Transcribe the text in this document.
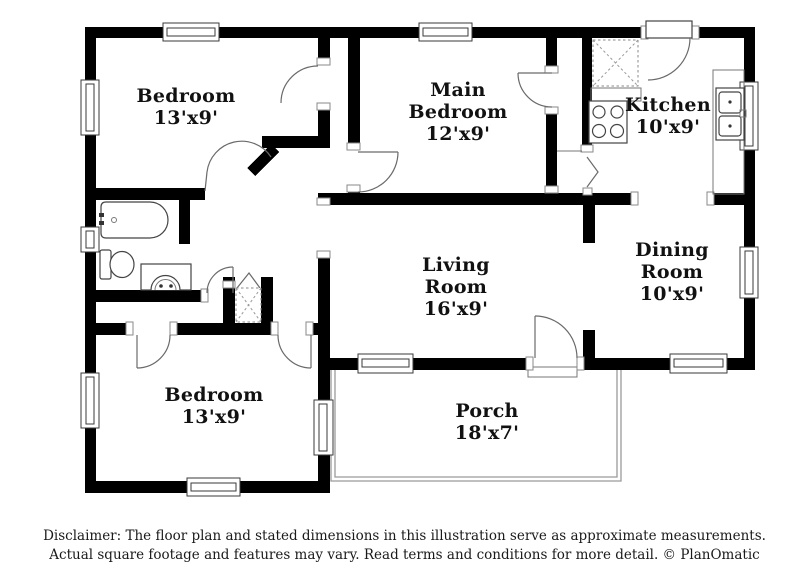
Bedroom
13'x9'
Main
Bedroom
12'x9'
Kitchen
10'x9'
Dining
Room
10'x9'
Living
Room
16'x9'
Bedroom
13'x9'	Porch
18'x7'
Disclaimer: The floor plan and stated dimensions in this illustration serve as approximate measurements.
Actual square footage and features may vary. Read terms and conditions for more detail. © PlanOmatic
